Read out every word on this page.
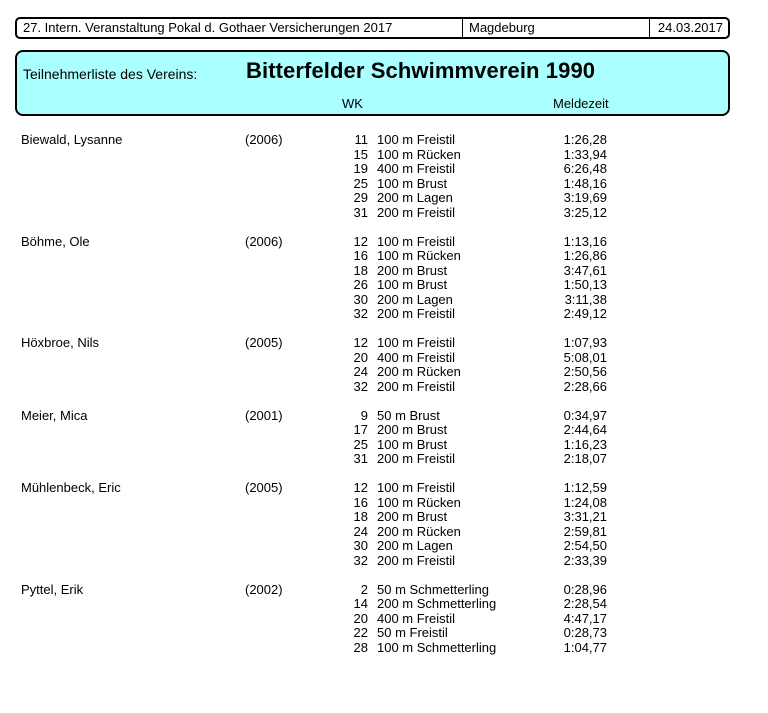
27. Intern. Veranstaltung Pokal d. Gothaer Versicherungen 2017	Magdeburg	24.03.2017
Teilnehmerliste des Vereins: Bitterfelder Schwimmverein 1990
WK	Meldezeit
Biewald, Lysanne	(2006)	11 100 m Freistil	1:26,28
15 100 m Rücken	1:33,94
19 400 m Freistil	6:26,48
25 100 m Brust	1:48,16
29 200 m Lagen	3:19,69
31 200 m Freistil	3:25,12
Böhme, Ole	(2006)	12 100 m Freistil	1:13,16
16 100 m Rücken	1:26,86
18 200 m Brust	3:47,61
26 100 m Brust	1:50,13
30 200 m Lagen	3:11,38
32 200 m Freistil	2:49,12
Höxbroe, Nils	(2005)	12 100 m Freistil	1:07,93
20 400 m Freistil	5:08,01
24 200 m Rücken	2:50,56
32 200 m Freistil	2:28,66
Meier, Mica	(2001)	9 50 m Brust	0:34,97
17 200 m Brust	2:44,64
25 100 m Brust	1:16,23
31 200 m Freistil	2:18,07
Mühlenbeck, Eric	(2005)	12 100 m Freistil	1:12,59
16 100 m Rücken	1:24,08
18 200 m Brust	3:31,21
24 200 m Rücken	2:59,81
30 200 m Lagen	2:54,50
32 200 m Freistil	2:33,39
Pyttel, Erik	(2002)	2 50 m Schmetterling	0:28,96
14 200 m Schmetterling	2:28,54
20 400 m Freistil	4:47,17
22 50 m Freistil	0:28,73
28 100 m Schmetterling	1:04,77
